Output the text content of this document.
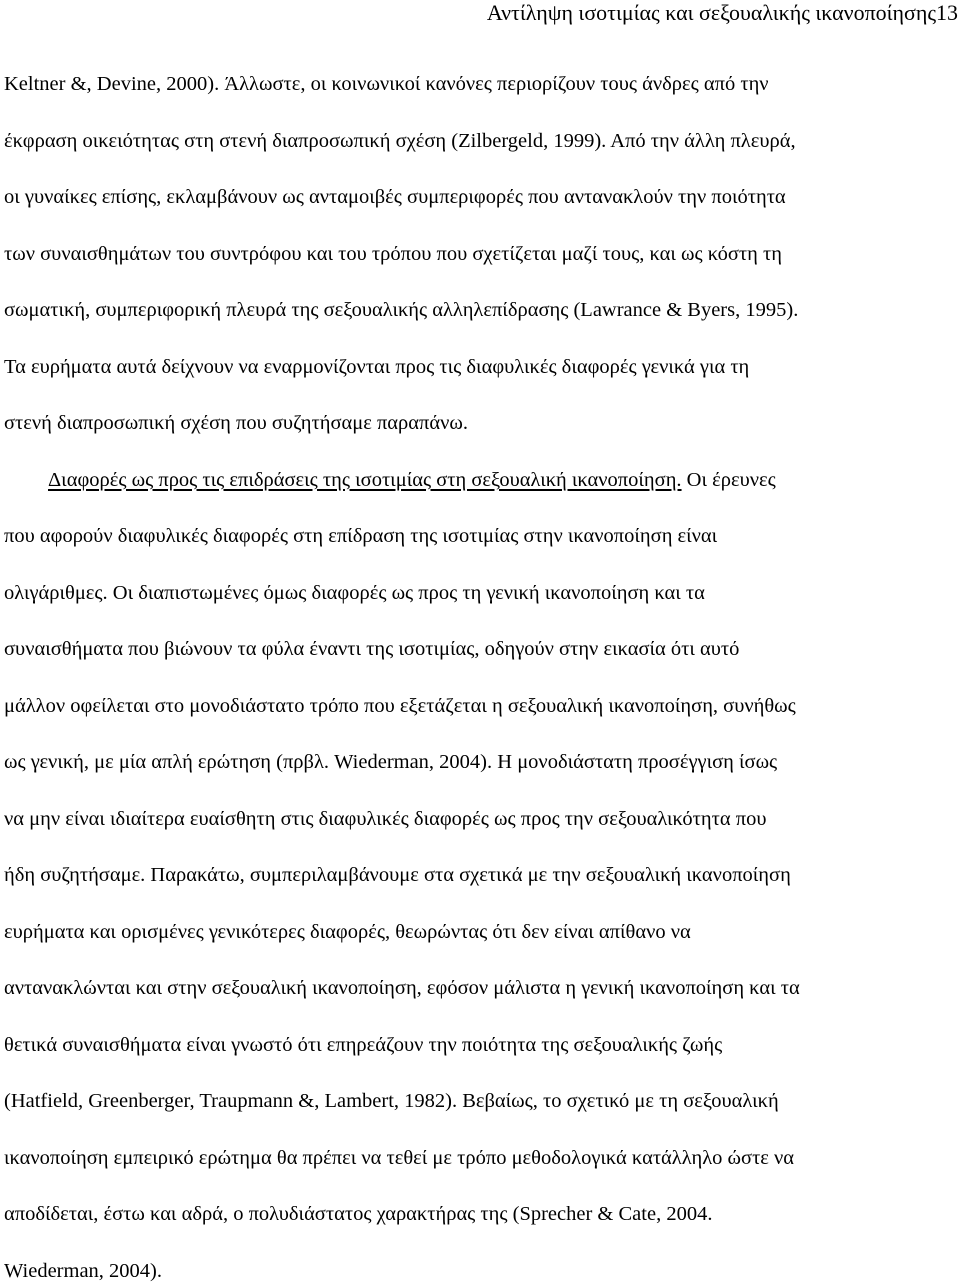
Αντίληψη ισοτιμίας και σεξουαλικής ικανοποίησης13
Keltner &, Devine, 2000). Άλλωστε, οι κοινωνικοί κανόνες περιορίζουν τους άνδρες από την
έκφραση οικειότητας στη στενή διαπροσωπική σχέση (Zilbergeld, 1999). Από την άλλη πλευρά,
οι γυναίκες επίσης, εκλαμβάνουν ως ανταμοιβές συμπεριφορές που αντανακλούν την ποιότητα
των συναισθημάτων του συντρόφου και του τρόπου που σχετίζεται μαζί τους, και ως κόστη τη
σωματική, συμπεριφορική πλευρά της σεξουαλικής αλληλεπίδρασης (Lawrance & Byers, 1995).
Τα ευρήματα αυτά δείχνουν να εναρμονίζονται προς τις διαφυλικές διαφορές γενικά για τη
στενή διαπροσωπική σχέση που συζητήσαμε παραπάνω.
Διαφορές ως προς τις επιδράσεις της ισοτιμίας στη σεξουαλική ικανοποίηση. Οι έρευνες
που αφορούν διαφυλικές διαφορές στη επίδραση της ισοτιμίας στην ικανοποίηση είναι
ολιγάριθμες. Οι διαπιστωμένες όμως διαφορές ως προς τη γενική ικανοποίηση και τα
συναισθήματα που βιώνουν τα φύλα έναντι της ισοτιμίας, οδηγούν στην εικασία ότι αυτό
μάλλον οφείλεται στο μονοδιάστατο τρόπο που εξετάζεται η σεξουαλική ικανοποίηση, συνήθως
ως γενική, με μία απλή ερώτηση (πρβλ. Wiederman, 2004). Η μονοδιάστατη προσέγγιση ίσως
να μην είναι ιδιαίτερα ευαίσθητη στις διαφυλικές διαφορές ως προς την σεξουαλικότητα που
ήδη συζητήσαμε. Παρακάτω, συμπεριλαμβάνουμε στα σχετικά με την σεξουαλική ικανοποίηση
ευρήματα και ορισμένες γενικότερες διαφορές, θεωρώντας ότι δεν είναι απίθανο να
αντανακλώνται και στην σεξουαλική ικανοποίηση, εφόσον μάλιστα η γενική ικανοποίηση και τα
θετικά συναισθήματα είναι γνωστό ότι επηρεάζουν την ποιότητα της σεξουαλικής ζωής
(Hatfield, Greenberger, Traupmann &, Lambert, 1982). Βεβαίως, το σχετικό με τη σεξουαλική
ικανοποίηση εμπειρικό ερώτημα θα πρέπει να τεθεί με τρόπο μεθοδολογικά κατάλληλο ώστε να
αποδίδεται, έστω και αδρά, ο πολυδιάστατος χαρακτήρας της (Sprecher & Cate, 2004.
Wiederman, 2004).
